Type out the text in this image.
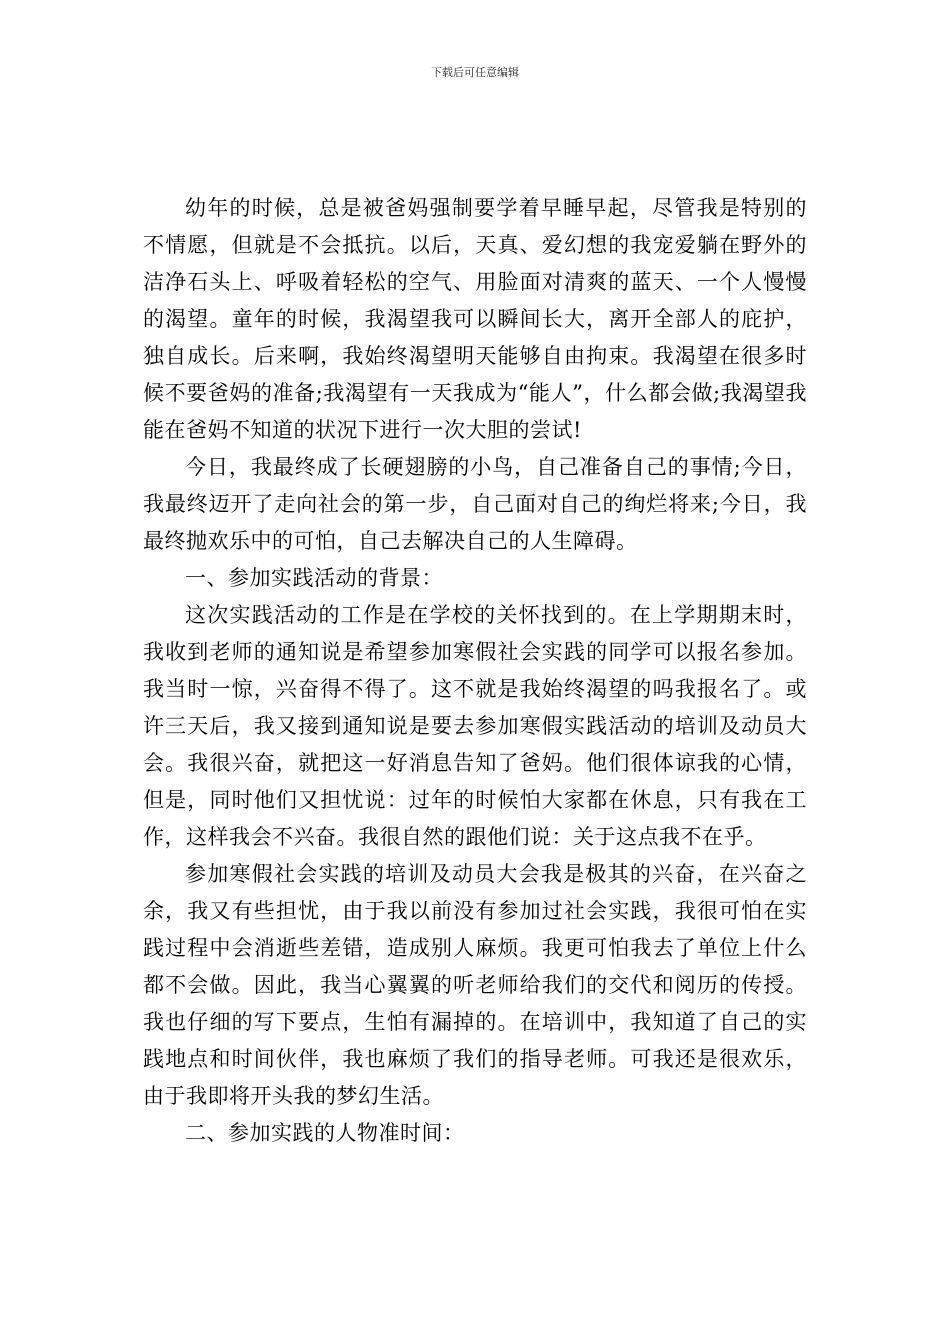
下载后可任意编辑

幼年的时候，总是被爸妈强制要学着早睡早起，尽管我是特别的不情愿，但就是不会抵抗。以后，天真、爱幻想的我宠爱躺在野外的洁净石头上、呼吸着轻松的空气、用脸面对清爽的蓝天、一个人慢慢的渴望。童年的时候，我渴望我可以瞬间长大，离开全部人的庇护，独自成长。后来啊，我始终渴望明天能够自由拘束。我渴望在很多时候不要爸妈的准备;我渴望有一天我成为“能人”，什么都会做;我渴望我能在爸妈不知道的状况下进行一次大胆的尝试!

今日，我最终成了长硬翅膀的小鸟，自己准备自己的事情;今日，我最终迈开了走向社会的第一步，自己面对自己的绚烂将来;今日，我最终抛欢乐中的可怕，自己去解决自己的人生障碍。

一、参加实践活动的背景：

这次实践活动的工作是在学校的关怀找到的。在上学期期末时，我收到老师的通知说是希望参加寒假社会实践的同学可以报名参加。我当时一惊，兴奋得不得了。这不就是我始终渴望的吗我报名了。或许三天后，我又接到通知说是要去参加寒假实践活动的培训及动员大会。我很兴奋，就把这一好消息告知了爸妈。他们很体谅我的心情，但是，同时他们又担忧说：过年的时候怕大家都在休息，只有我在工作，这样我会不兴奋。我很自然的跟他们说：关于这点我不在乎。

参加寒假社会实践的培训及动员大会我是极其的兴奋，在兴奋之余，我又有些担忧，由于我以前没有参加过社会实践，我很可怕在实践过程中会消逝些差错，造成别人麻烦。我更可怕我去了单位上什么都不会做。因此，我当心翼翼的听老师给我们的交代和阅历的传授。我也仔细的写下要点，生怕有漏掉的。在培训中，我知道了自己的实践地点和时间伙伴，我也麻烦了我们的指导老师。可我还是很欢乐，由于我即将开头我的梦幻生活。

二、参加实践的人物准时间：
